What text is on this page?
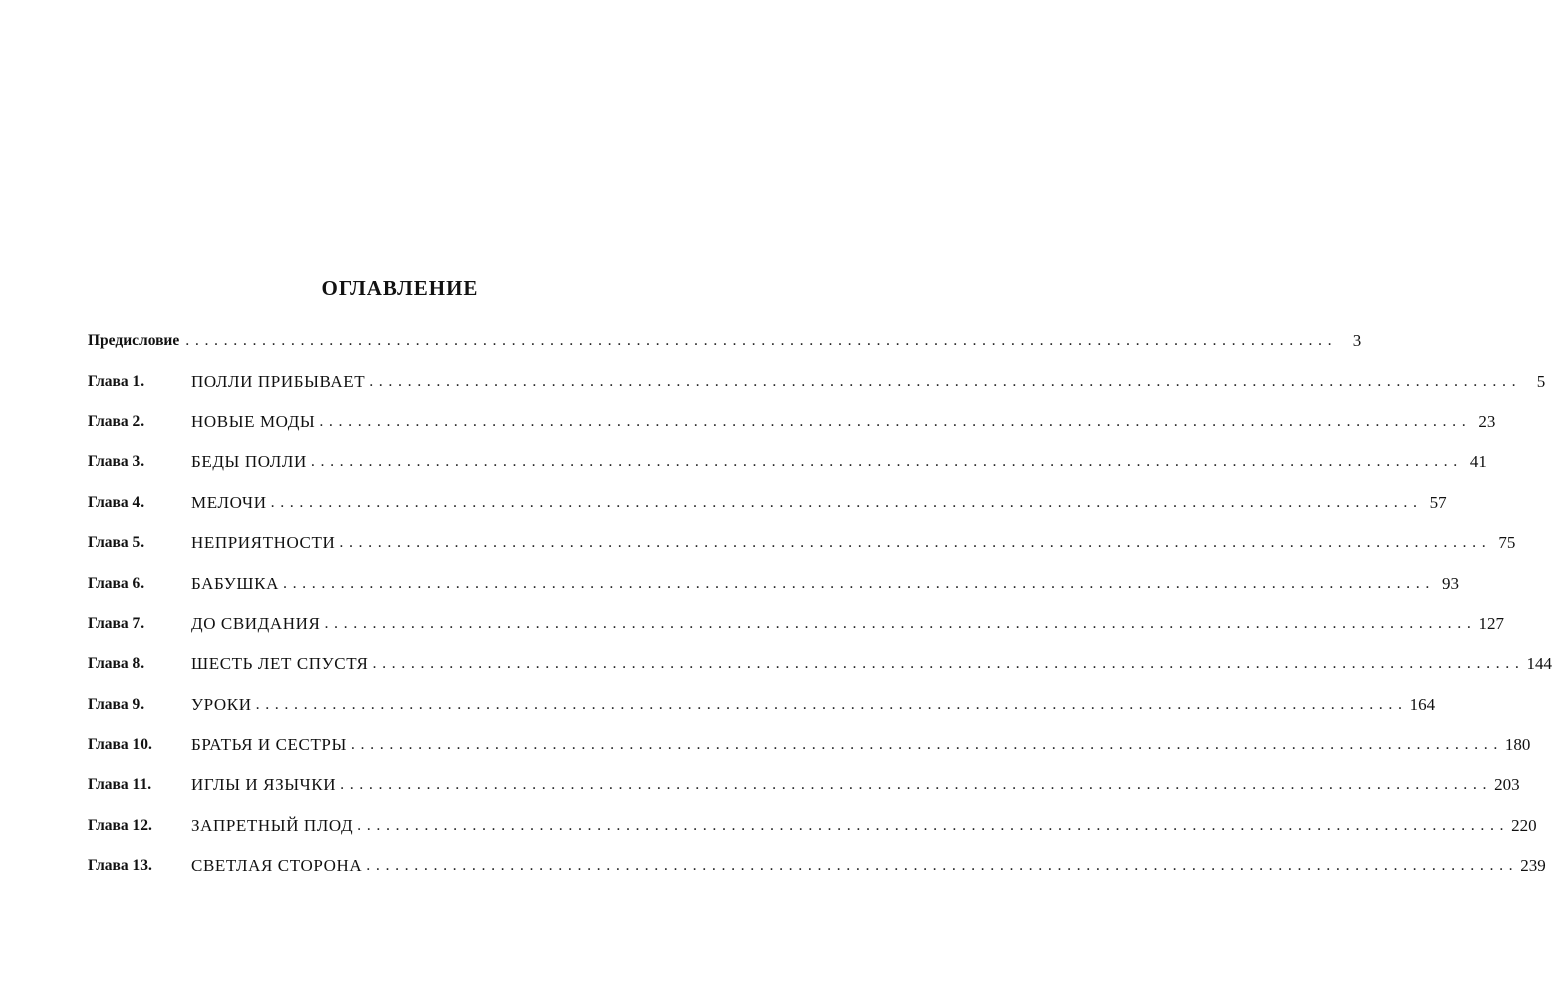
ОГЛАВЛЕНИЕ
Предисловие ........................................................................................................................ 3
Глава 1.	ПОЛЛИ ПРИБЫВАЕТ ........................................................................................................................ 5
Глава 2.	НОВЫЕ МОДЫ ........................................................................................................................ 23
Глава 3.	БЕДЫ ПОЛЛИ ........................................................................................................................ 41
Глава 4.	МЕЛОЧИ ........................................................................................................................ 57
Глава 5.	НЕПРИЯТНОСТИ ........................................................................................................................ 75
Глава 6.	БАБУШКА ........................................................................................................................ 93
Глава 7.	ДО СВИДАНИЯ ........................................................................................................................ 127
Глава 8.	ШЕСТЬ ЛЕТ СПУСТЯ ........................................................................................................................ 144
Глава 9.	УРОКИ ........................................................................................................................ 164
Глава 10.	БРАТЬЯ И СЕСТРЫ ........................................................................................................................ 180
Глава 11.	ИГЛЫ И ЯЗЫЧКИ ........................................................................................................................ 203
Глава 12.	ЗАПРЕТНЫЙ ПЛОД ........................................................................................................................ 220
Глава 13.	СВЕТЛАЯ СТОРОНА ........................................................................................................................ 239
